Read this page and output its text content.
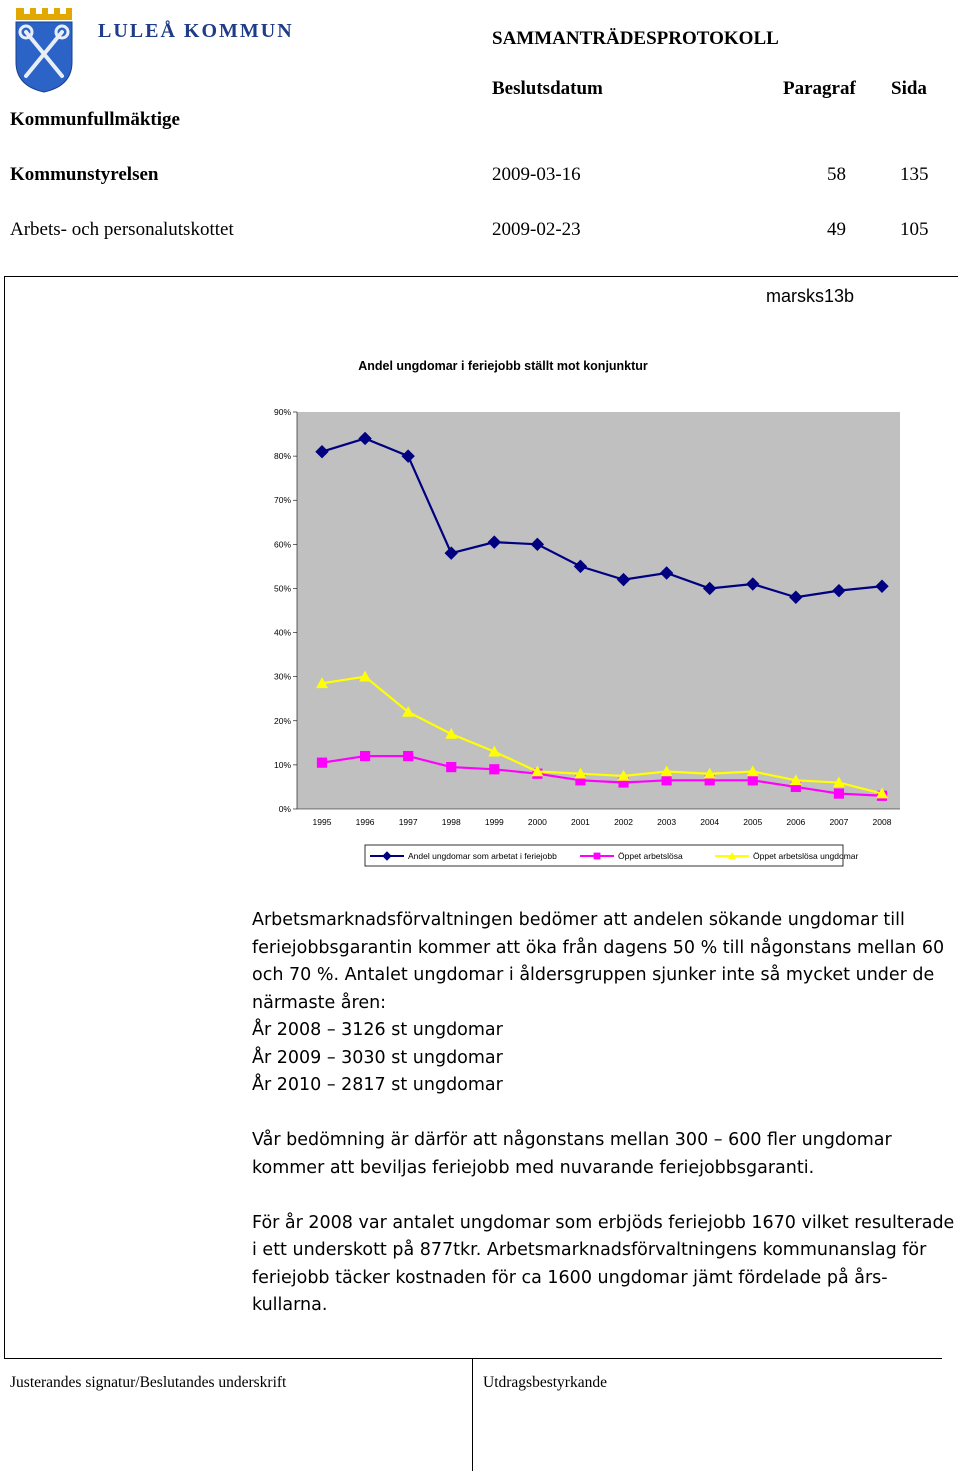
LULEÅ KOMMUN	SAMMANTRÄDESPROTOKOLL
Beslutsdatum	Paragraf Sida
Kommunfullmäktige
Kommunstyrelsen	2009-03-16	58	135
Arbets- och personalutskottet	2009-02-23	49	105
marsks13b
Andel ungdomar i feriejobb ställt mot konjunktur
0%
10%
20%
30%
40%
50%
60%
70%
80%
90%
1995	1996	1997	1998	1999	2000	2001	2002	2003	2004	2005	2006	2007	2008
Andel ungdomar som arbetat i feriejobb	Öppet arbetslösa	Öppet arbetslösa ungdomar

Arbetsmarknadsförvaltningen bedömer att andelen sökande ungdomar till feriejobbsgarantin kommer att öka från dagens 50 % till någonstans mellan 60 och 70 %. Antalet ungdomar i åldersgruppen sjunker inte så mycket under de närmaste åren:

År 2008 – 3126 st ungdomar

År 2009 – 3030 st ungdomar

År 2010 – 2817 st ungdomar

Vår bedömning är därför att någonstans mellan 300 – 600 fler ungdomar kommer att beviljas feriejobb med nuvarande feriejobbsgaranti.

För år 2008 var antalet ungdomar som erbjöds feriejobb 1670 vilket resulterade i ett underskott på 877tkr. Arbetsmarknadsförvaltningens kommunanslag för feriejobb täcker kostnaden för ca 1600 ungdomar jämt fördelade på års-kullarna.

Justerandes signatur/Beslutandes underskrift	Utdragsbestyrkande
